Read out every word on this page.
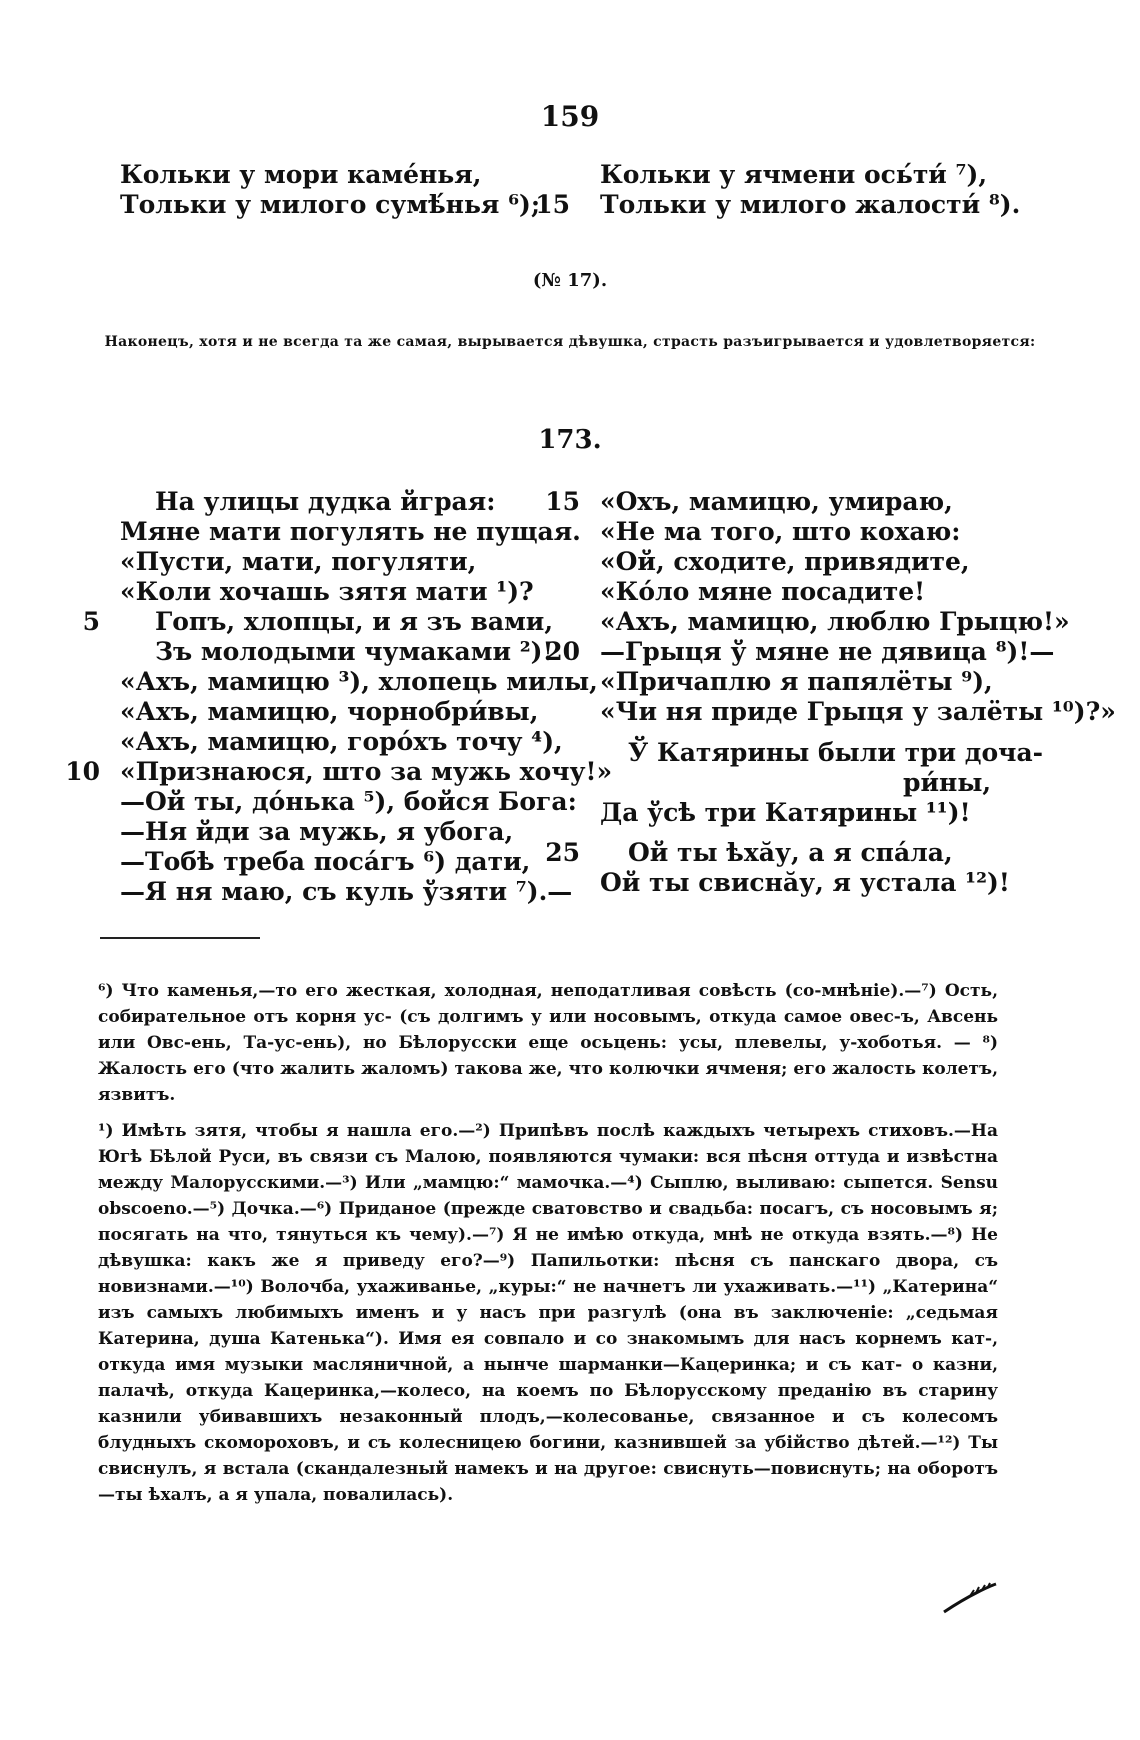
159
Кольки у мори каме́нья,
Тольки у милого сумѣ́нья ⁶);
15
Кольки у ячмени ось́ти́ ⁷),
Тольки у милого жалости́ ⁸).
(№ 17).
Наконецъ, хотя и не всегда та же самая, вырывается дѣвушка, страсть разъигрывается и удовлетворяется:
173.
На улицы дудка йграя:
Мяне мати погулять не пущая.
«Пусти, мати, погуляти,
«Коли хочашь зятя мати ¹)?
5 Гопъ, хлопцы, и я зъ вами,
Зъ молодыми чумаками ²)!
«Ахъ, мамицю ³), хлопець милы,
«Ахъ, мамицю, чорнобри́вы,
«Ахъ, мамицю, горо́хъ точу ⁴),
10 «Признаюся, што за мужь хочу!»
—Ой ты, до́нька ⁵), бойся Бога:
—Ня йди за мужь, я убога,
—Тобѣ треба поса́гъ ⁶) дати,
—Я ня маю, съ куль ўзяти ⁷).—
15 «Охъ, мамицю, умираю,
«Не ма того, што кохаю:
«Ой, сходите, привядите,
«Ко́ло мяне посадите!
«Ахъ, мамицю, люблю Грыцю!»
20 —Грыця ў мяне не дявица ⁸)!—
«Причаплю я папялёты ⁹),
«Чи ня приде Грыця у залёты ¹⁰)?»
Ў Катярины были три доча-
ри́ны,
Да ўсѣ три Катярины ¹¹)!
25 Ой ты ѣхӑу, а я спа́ла,
Ой ты свиснӑу, я устала ¹²)!

⁶) Что каменья,—то его жесткая, холодная, неподатливая совѣсть (со-мнѣніе).—⁷) Ость, собирательное отъ корня ус- (съ долгимъ у или носовымъ, откуда самое овес-ъ, Авсень или Овс-ень, Та-ус-ень), но Бѣлорусски еще осьцень: усы, плевелы, у-хоботья. — ⁸) Жалость его (что жалить жаломъ) такова же, что колючки ячменя; его жалость колетъ, язвитъ.

¹) Имѣть зятя, чтобы я нашла его.—²) Припѣвъ послѣ каждыхъ четырехъ стиховъ.—На Югѣ Бѣлой Руси, въ связи съ Малою, появляются чумаки: вся пѣсня оттуда и извѣстна между Малорусскими.—³) Или „мамцю:“ мамочка.—⁴) Сыплю, выливаю: сыпется. Sensu obscoeno.—⁵) Дочка.—⁶) Приданое (прежде сватовство и свадьба: посагъ, съ носовымъ я; посягать на что, тянуться къ чему).—⁷) Я не имѣю откуда, мнѣ не откуда взять.—⁸) Не дѣвушка: какъ же я приведу его?—⁹) Папильотки: пѣсня съ панскаго двора, съ новизнами.—¹⁰) Волочба, ухаживанье, „куры:“ не начнетъ ли ухаживать.—¹¹) „Катерина“ изъ самыхъ любимыхъ именъ и у насъ при разгулѣ (она въ заключеніе: „седьмая Катерина, душа Катенька“). Имя ея совпало и со знакомымъ для насъ корнемъ кат-, откуда имя музыки масляничной, а нынче шарманки—Кацеринка; и съ кат- о казни, палачѣ, откуда Кацеринка,—колесо, на коемъ по Бѣлорусскому преданію въ старину казнили убивавшихъ незаконный плодъ,—колесованье, связанное и съ колесомъ блудныхъ скомороховъ, и съ колесницею богини, казнившей за убійство дѣтей.—¹²) Ты свиснулъ, я встала (скандалезный намекъ и на другое: свиснуть—повиснуть; на оборотъ—ты ѣхалъ, а я упала, повалилась).
